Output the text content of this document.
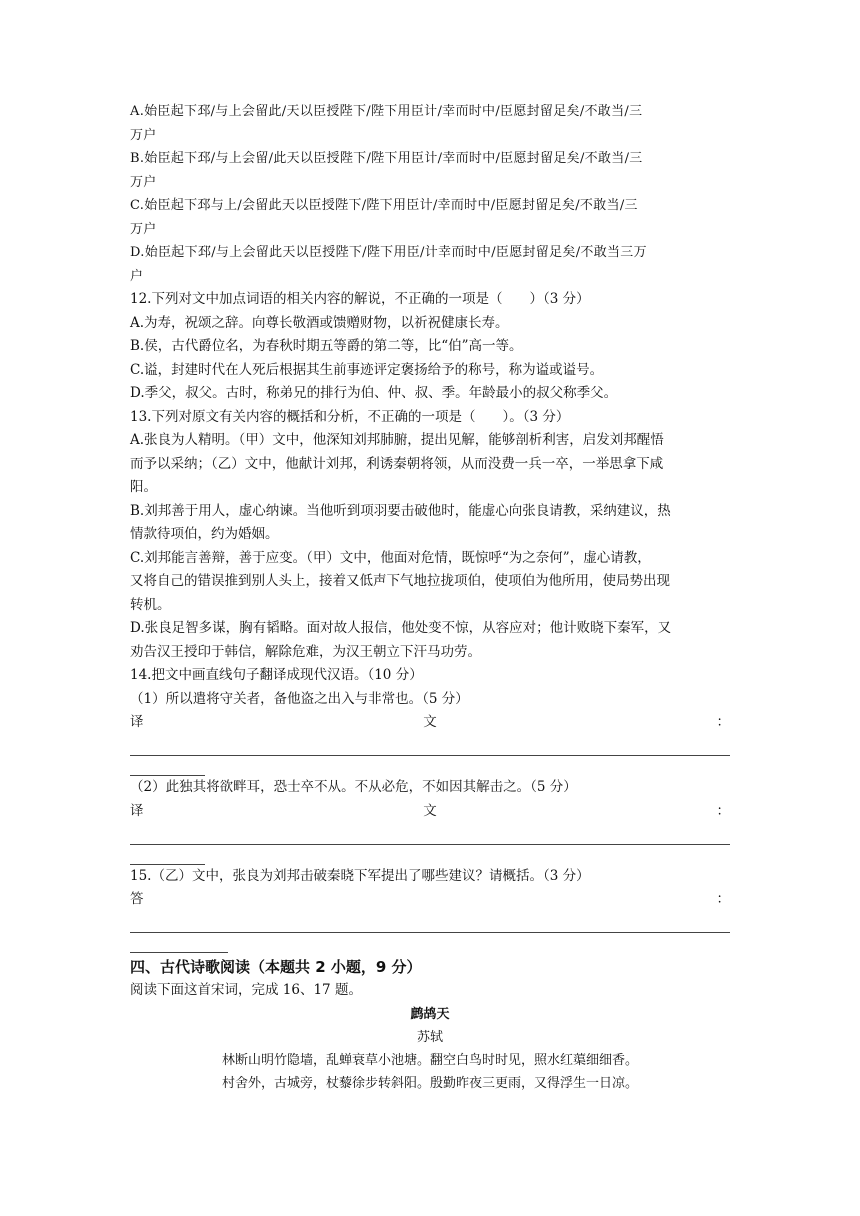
A.始臣起下邳/与上会留此/天以臣授陛下/陛下用臣计/幸而时中/臣愿封留足矣/不敢当/三
万户
B.始臣起下邳/与上会留/此天以臣授陛下/陛下用臣计/幸而时中/臣愿封留足矣/不敢当/三
万户
C.始臣起下邳与上/会留此天以臣授陛下/陛下用臣计/幸而时中/臣愿封留足矣/不敢当/三
万户
D.始臣起下邳/与上会留此天以臣授陛下/陛下用臣/计幸而时中/臣愿封留足矣/不敢当三万
户
12.下列对文中加点词语的相关内容的解说，不正确的一项是（　　）（3 分）
A.为寿，祝颂之辞。向尊长敬酒或馈赠财物，以祈祝健康长寿。
B.侯，古代爵位名，为春秋时期五等爵的第二等，比“伯”高一等。
C.谥，封建时代在人死后根据其生前事迹评定褒扬给予的称号，称为谥或谥号。
D.季父，叔父。古时，称弟兄的排行为伯、仲、叔、季。年龄最小的叔父称季父。
13.下列对原文有关内容的概括和分析，不正确的一项是（　　）。（3 分）
A.张良为人精明。（甲）文中，他深知刘邦肺腑，提出见解，能够剖析利害，启发刘邦醒悟
而予以采纳；（乙）文中，他献计刘邦，利诱秦朝将领，从而没费一兵一卒，一举思拿下咸
阳。
B.刘邦善于用人，虚心纳谏。当他听到项羽要击破他时，能虚心向张良请教，采纳建议，热
情款待项伯，约为婚姻。
C.刘邦能言善辩，善于应变。（甲）文中，他面对危情，既惊呼“为之奈何”，虚心请教，
又将自己的错误推到别人头上，接着又低声下气地拉拢项伯，使项伯为他所用，使局势出现
转机。
D.张良足智多谋，胸有韬略。面对故人报信，他处变不惊，从容应对；他计败晓下秦军，又
劝告汉王授印于韩信，解除危难，为汉王朝立下汗马功劳。
14.把文中画直线句子翻译成现代汉语。（10 分）
（1）所以遣将守关者，备他盗之出入与非常也。（5 分）
译	文	：
（2）此独其将欲畔耳，恐士卒不从。不从必危，不如因其解击之。（5 分）
译	文	：
15.（乙）文中，张良为刘邦击破秦晓下军提出了哪些建议？请概括。（3 分）
答	：
四、古代诗歌阅读（本题共 2 小题，9 分）
阅读下面这首宋词，完成 16、17 题。
鹧鸪天
苏轼
林断山明竹隐墙，乱蝉衰草小池塘。翻空白鸟时时见，照水红蕖细细香。
村舍外，古城旁，杖藜徐步转斜阳。殷勤昨夜三更雨，又得浮生一日凉。
